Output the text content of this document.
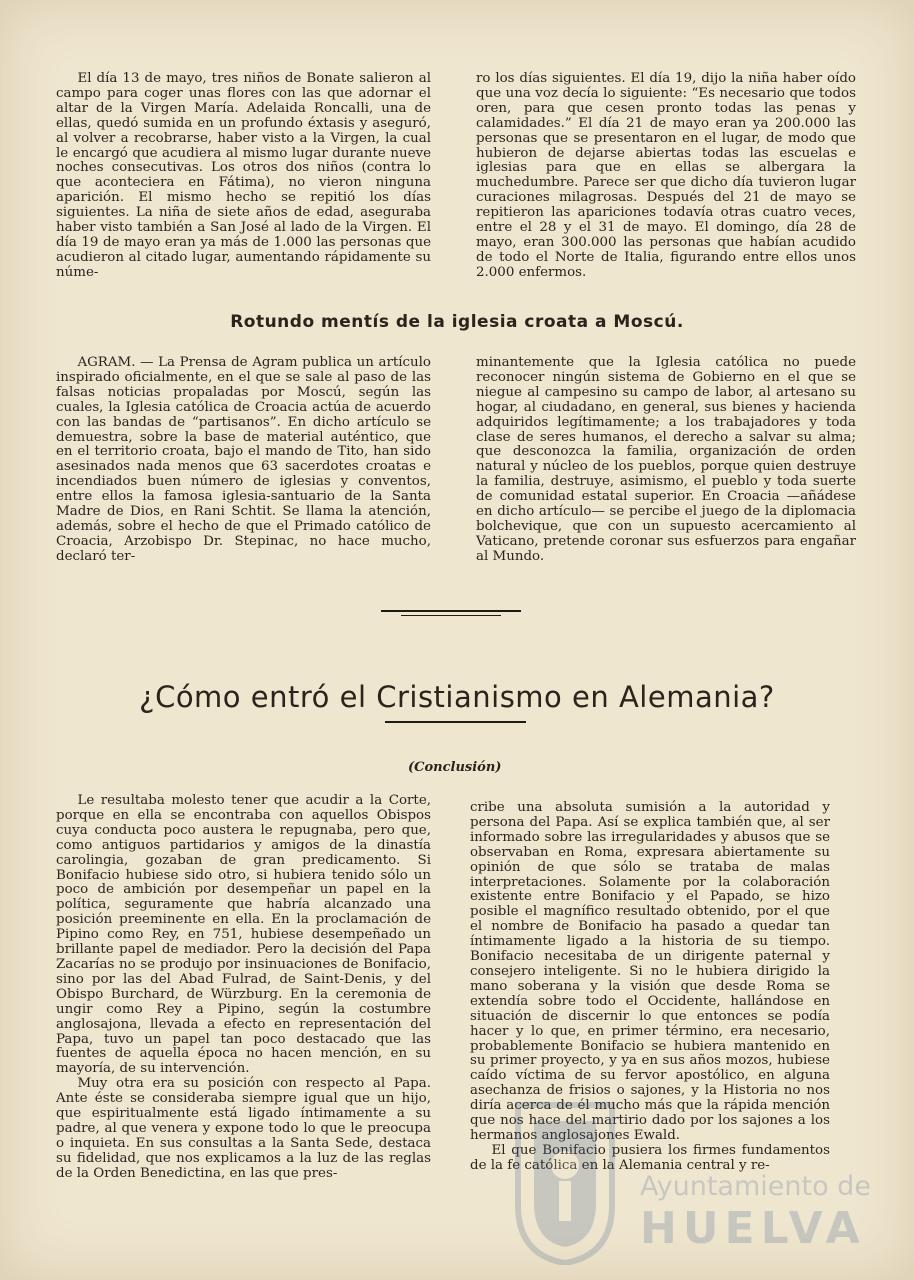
El día 13 de mayo, tres niños de Bonate salieron al campo para coger unas flores con las que adornar el altar de la Virgen María. Adelaida Roncalli, una de ellas, quedó sumida en un profundo éxtasis y aseguró, al volver a recobrarse, haber visto a la Virgen, la cual le encargó que acudiera al mismo lugar durante nueve noches consecutivas. Los otros dos niños (contra lo que aconteciera en Fátima), no vieron ninguna aparición. El mismo hecho se repitió los días siguientes. La niña de siete años de edad, aseguraba haber visto también a San José al lado de la Virgen. El día 19 de mayo eran ya más de 1.000 las personas que acudieron al citado lugar, aumentando rápidamente su núme-

ro los días siguientes. El día 19, dijo la niña haber oído que una voz decía lo siguiente: “Es necesario que todos oren, para que cesen pronto todas las penas y calamidades.” El día 21 de mayo eran ya 200.000 las personas que se presentaron en el lugar, de modo que hubieron de dejarse abiertas todas las escuelas e iglesias para que en ellas se albergara la muchedumbre. Parece ser que dicho día tuvieron lugar curaciones milagrosas. Después del 21 de mayo se repitieron las apariciones todavía otras cuatro veces, entre el 28 y el 31 de mayo. El domingo, día 28 de mayo, eran 300.000 las personas que habían acudido de todo el Norte de Italia, figurando entre ellos unos 2.000 enfermos.

Rotundo mentís de la iglesia croata a Moscú.

AGRAM. — La Prensa de Agram publica un artículo inspirado oficialmente, en el que se sale al paso de las falsas noticias propaladas por Moscú, según las cuales, la Iglesia católica de Croacia actúa de acuerdo con las bandas de “partisanos”. En dicho artículo se demuestra, sobre la base de material auténtico, que en el territorio croata, bajo el mando de Tito, han sido asesinados nada menos que 63 sacerdotes croatas e incendiados buen número de iglesias y conventos, entre ellos la famosa iglesia-santuario de la Santa Madre de Dios, en Rani Schtit. Se llama la atención, además, sobre el hecho de que el Primado católico de Croacia, Arzobispo Dr. Stepinac, no hace mucho, declaró ter-

minantemente que la Iglesia católica no puede reconocer ningún sistema de Gobierno en el que se niegue al campesino su campo de labor, al artesano su hogar, al ciudadano, en general, sus bienes y hacienda adquiridos legítimamente; a los trabajadores y toda clase de seres humanos, el derecho a salvar su alma; que desconozca la familia, organización de orden natural y núcleo de los pueblos, porque quien destruye la familia, destruye, asimismo, el pueblo y toda suerte de comunidad estatal superior. En Croacia —añádese en dicho artículo— se percibe el juego de la diplomacia bolchevique, que con un supuesto acercamiento al Vaticano, pretende coronar sus esfuerzos para engañar al Mundo.

¿Cómo entró el Cristianismo en Alemania?
(Conclusión)

Le resultaba molesto tener que acudir a la Corte, porque en ella se encontraba con aquellos Obispos cuya conducta poco austera le repugnaba, pero que, como antiguos partidarios y amigos de la dinastía carolingia, gozaban de gran predicamento. Si Bonifacio hubiese sido otro, si hubiera tenido sólo un poco de ambición por desempeñar un papel en la política, seguramente que habría alcanzado una posición preeminente en ella. En la proclamación de Pipino como Rey, en 751, hubiese desempeñado un brillante papel de mediador. Pero la decisión del Papa Zacarías no se produjo por insinuaciones de Bonifacio, sino por las del Abad Fulrad, de Saint-Denis, y del Obispo Burchard, de Würzburg. En la ceremonia de ungir como Rey a Pipino, según la costumbre anglosajona, llevada a efecto en representación del Papa, tuvo un papel tan poco destacado que las fuentes de aquella época no hacen mención, en su mayoría, de su intervención.

Muy otra era su posición con respecto al Papa. Ante éste se consideraba siempre igual que un hijo, que espiritualmente está ligado íntimamente a su padre, al que venera y expone todo lo que le preocupa o inquieta. En sus consultas a la Santa Sede, destaca su fidelidad, que nos explicamos a la luz de las reglas de la Orden Benedictina, en las que pres-

cribe una absoluta sumisión a la autoridad y persona del Papa. Así se explica también que, al ser informado sobre las irregularidades y abusos que se observaban en Roma, expresara abiertamente su opinión de que sólo se trataba de malas interpretaciones. Solamente por la colaboración existente entre Bonifacio y el Papado, se hizo posible el magnífico resultado obtenido, por el que el nombre de Bonifacio ha pasado a quedar tan íntimamente ligado a la historia de su tiempo. Bonifacio necesitaba de un dirigente paternal y consejero inteligente. Si no le hubiera dirigido la mano soberana y la visión que desde Roma se extendía sobre todo el Occidente, hallándose en situación de discernir lo que entonces se podía hacer y lo que, en primer término, era necesario, probablemente Bonifacio se hubiera mantenido en su primer proyecto, y ya en sus años mozos, hubiese caído víctima de su fervor apostólico, en alguna asechanza de frisios o sajones, y la Historia no nos diría acerca de él mucho más que la rápida mención que nos hace del martirio dado por los sajones a los hermanos anglosajones Ewald.

El que Bonifacio pusiera los firmes fundamentos de la fe católica en la Alemania central y re-

Ayuntamiento de
HUELVA
